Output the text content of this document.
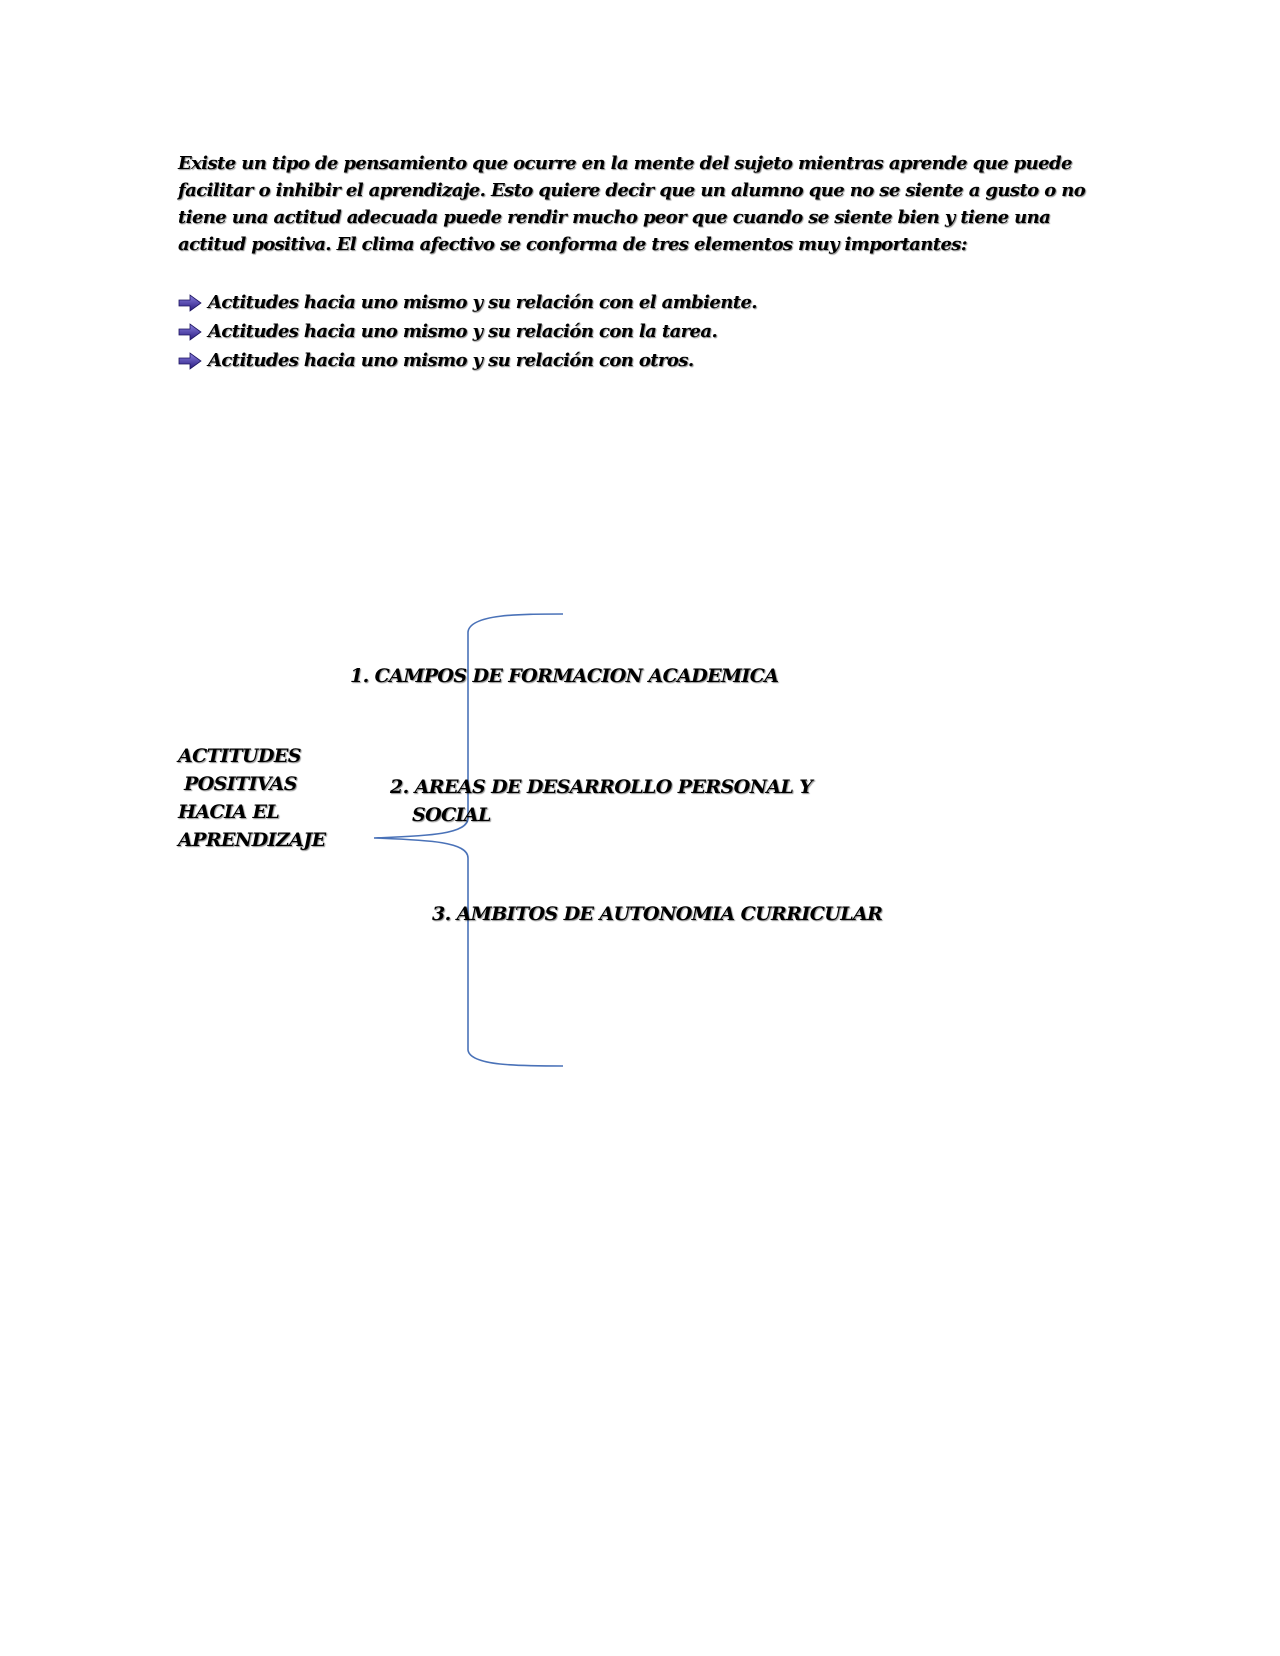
Existe un tipo de pensamiento que ocurre en la mente del sujeto mientras aprende que puede facilitar o inhibir el aprendizaje. Esto quiere decir que un alumno que no se siente a gusto o no tiene una actitud adecuada puede rendir mucho peor que cuando se siente bien y tiene una actitud positiva. El clima afectivo se conforma de tres elementos muy importantes:

Actitudes hacia uno mismo y su relación con el ambiente.
Actitudes hacia uno mismo y su relación con la tarea.
Actitudes hacia uno mismo y su relación con otros.
ACTITUDES
POSITIVAS
HACIA EL
APRENDIZAJE
1. CAMPOS DE FORMACION ACADEMICA
2. AREAS DE DESARROLLO PERSONAL Y
SOCIAL
3. AMBITOS DE AUTONOMIA CURRICULAR
